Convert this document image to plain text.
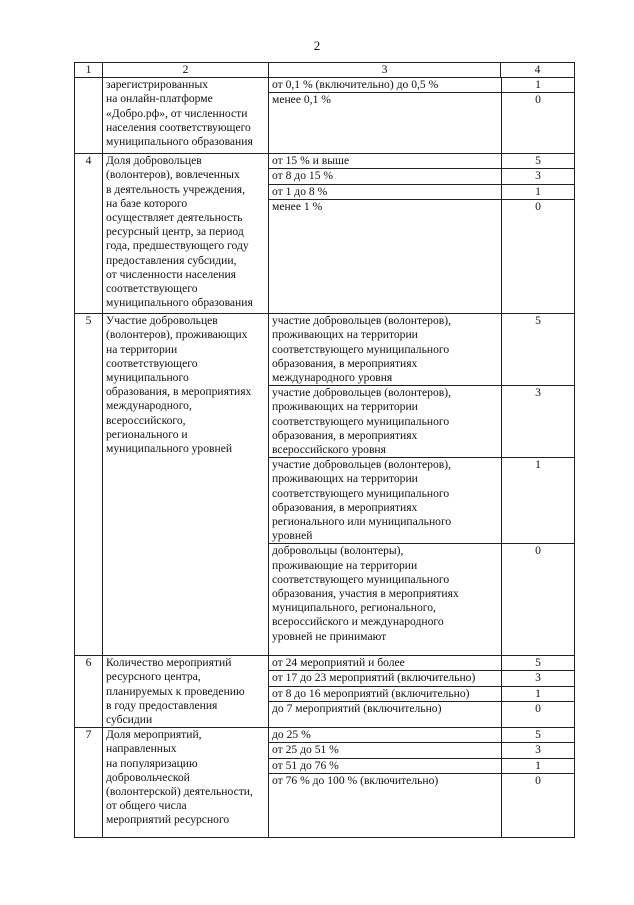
2
1	2	3	4
	зарегистрированных
на онлайн-платформе
«Добро.рф», от численности
населения соответствующего
муниципального образования	
от 0,1 % (включительно) до 0,5 %	1
менее 0,1 %	0

4	Доля добровольцев
(волонтеров), вовлеченных
в деятельность учреждения,
на базе которого
осуществляет деятельность
ресурсный центр, за период
года, предшествующего году
предоставления субсидии,
от численности населения
соответствующего
муниципального образования	
от 15 % и выше	5
от 8 до 15 %	3
от 1 до 8 %	1
менее 1 %	0

5	Участие добровольцев
(волонтеров), проживающих
на территории
соответствующего
муниципального
образования, в мероприятиях
международного,
всероссийского,
регионального и
муниципального уровней	
участие добровольцев (волонтеров),
проживающих на территории
соответствующего муниципального
образования, в мероприятиях
международного уровня	5
участие добровольцев (волонтеров),
проживающих на территории
соответствующего муниципального
образования, в мероприятиях
всероссийского уровня	3
участие добровольцев (волонтеров),
проживающих на территории
соответствующего муниципального
образования, в мероприятиях
регионального или муниципального
уровней	1
добровольцы (волонтеры),
проживающие на территории
соответствующего муниципального
образования, участия в мероприятиях
муниципального, регионального,
всероссийского и международного
уровней не принимают	0

6	Количество мероприятий
ресурсного центра,
планируемых к проведению
в году предоставления
субсидии	
от 24 мероприятий и более	5
от 17 до 23 мероприятий (включительно)	3
от 8 до 16 мероприятий (включительно)	1
до 7 мероприятий (включительно)	0

7	Доля мероприятий,
направленных
на популяризацию
добровольческой
(волонтерской) деятельности,
от общего числа
мероприятий ресурсного	
до 25 %	5
от 25 до 51 %	3
от 51 до 76 %	1
от 76 % до 100 % (включительно)	0
